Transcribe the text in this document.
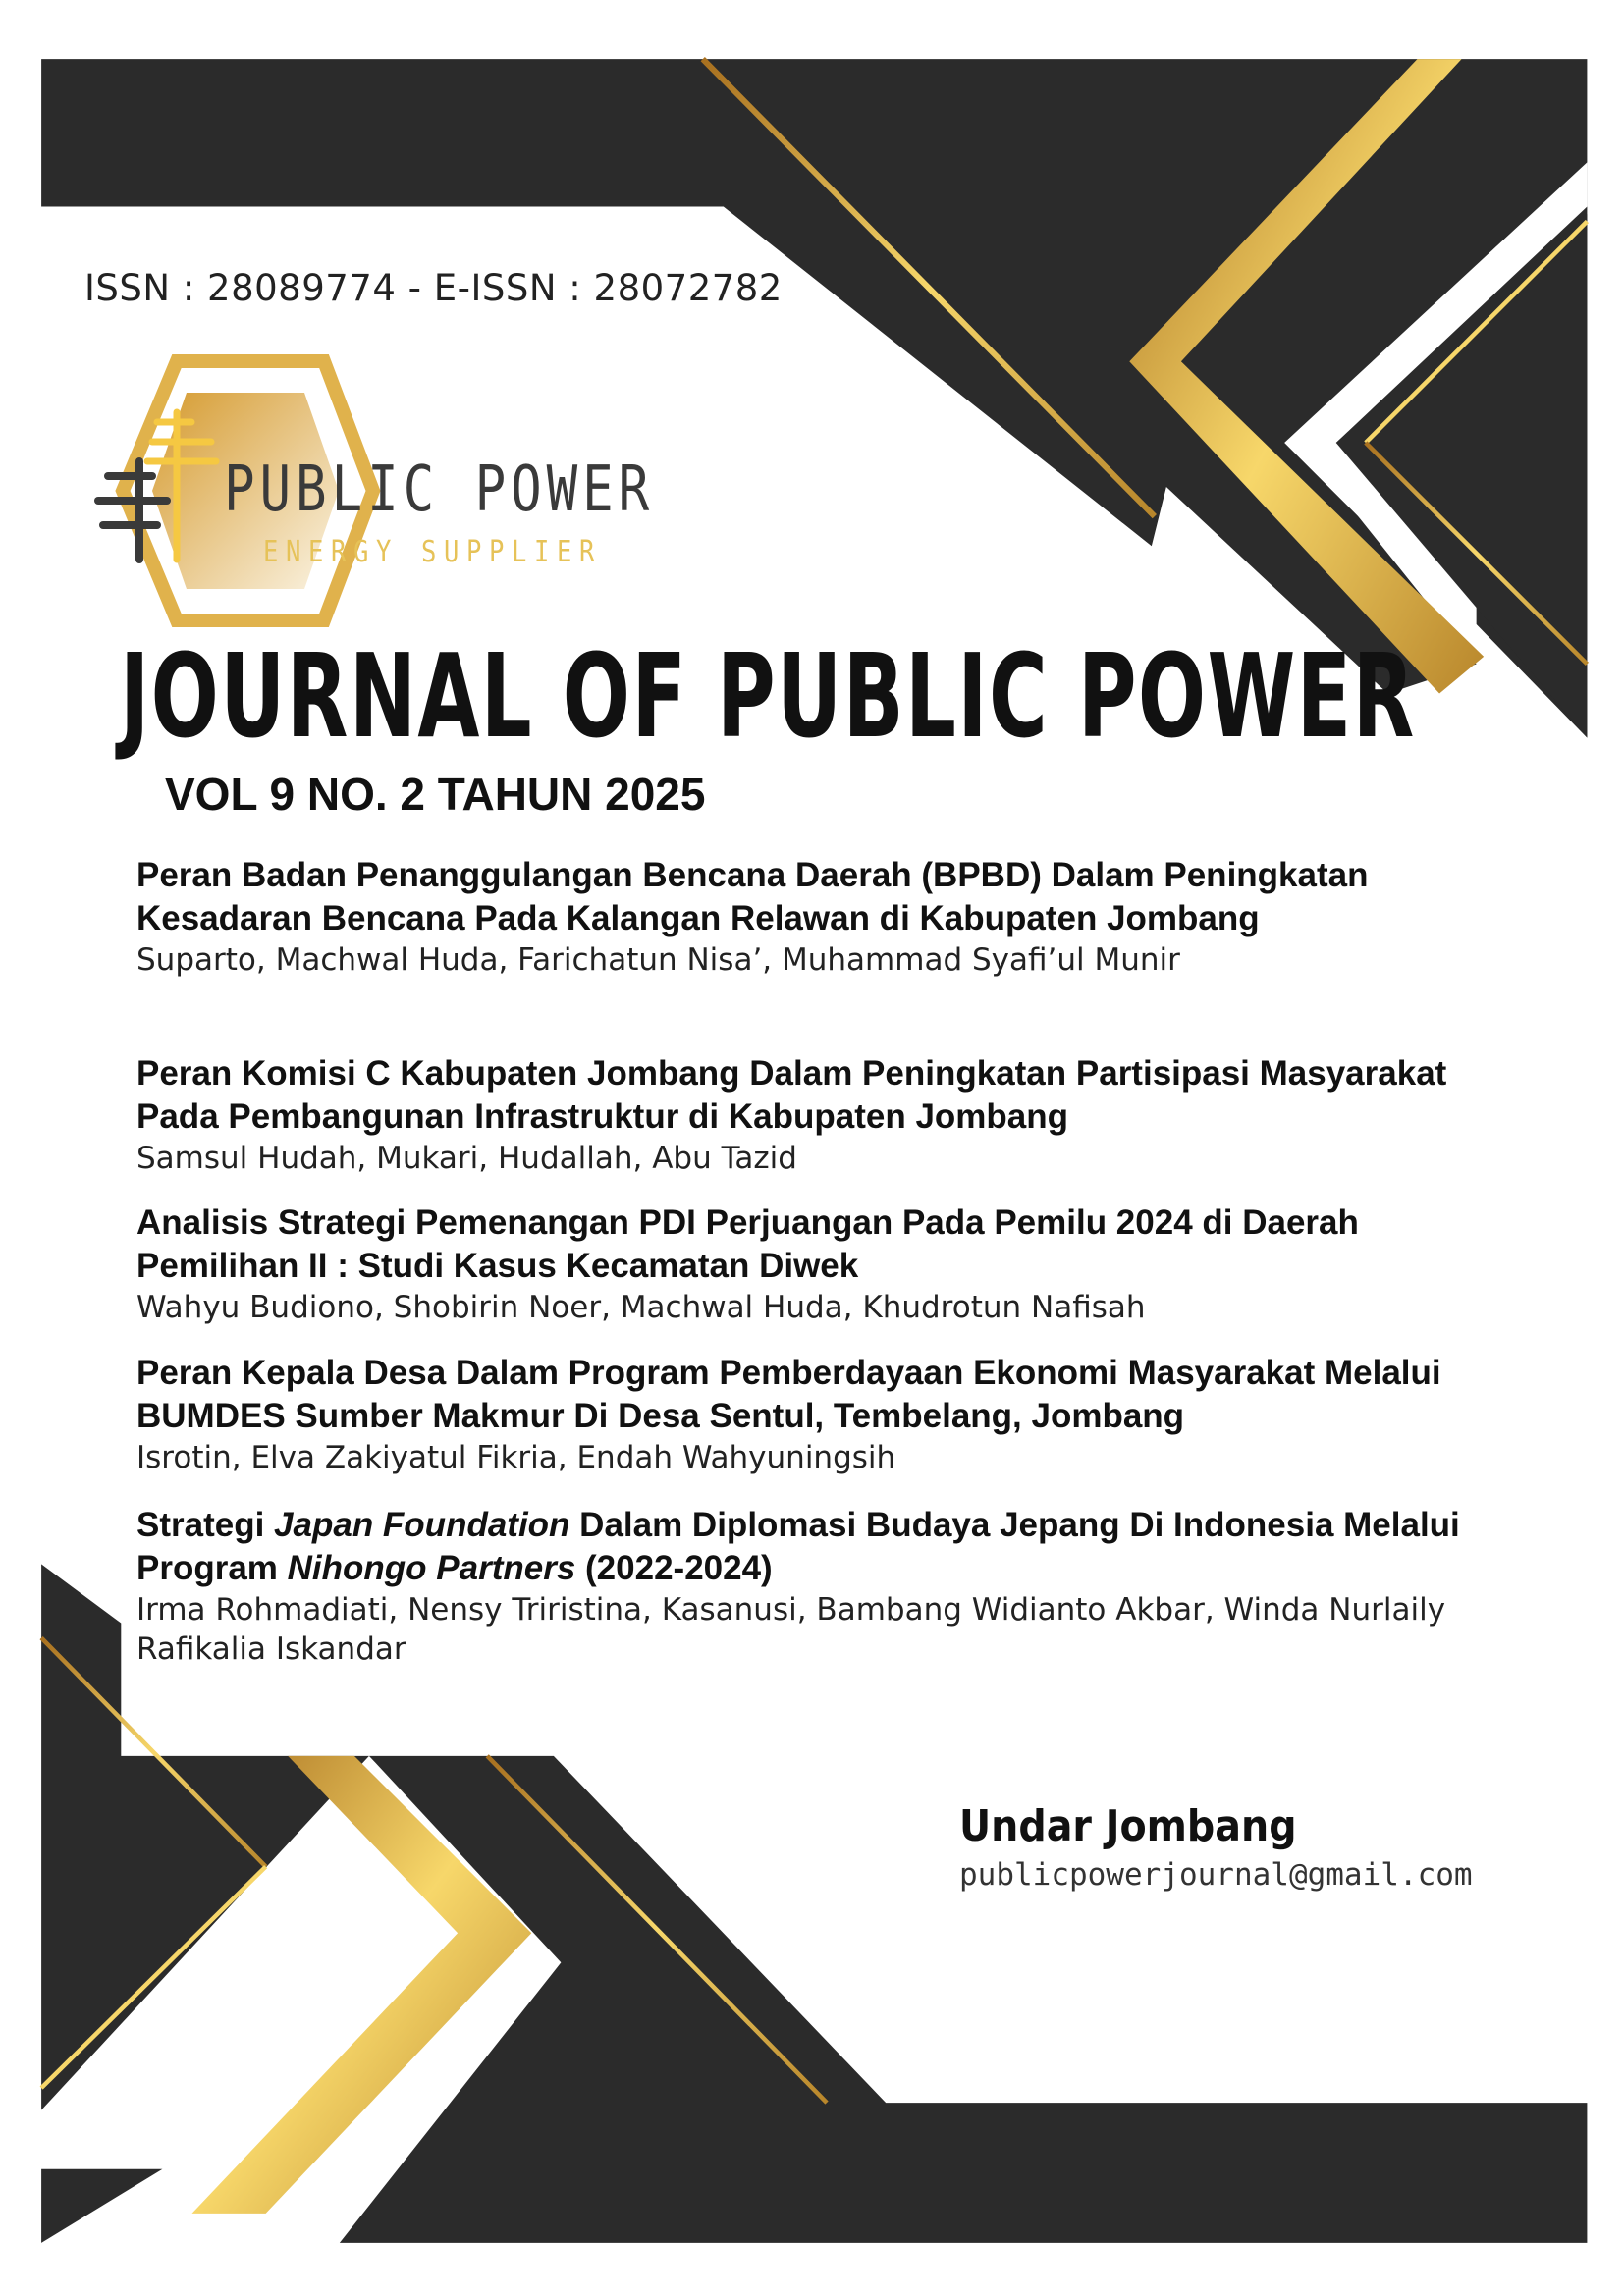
ISSN : 28089774 - E-ISSN : 28072782
PUBLIC POWER
ENERGY SUPPLIER
JOURNAL OF PUBLIC POWER
VOL 9 NO. 2 TAHUN 2025
Peran Badan Penanggulangan Bencana Daerah (BPBD) Dalam Peningkatan Kesadaran Bencana Pada Kalangan Relawan di Kabupaten Jombang
Suparto, Machwal Huda, Farichatun Nisa’, Muhammad Syafi’ul Munir
Peran Komisi C Kabupaten Jombang Dalam Peningkatan Partisipasi Masyarakat Pada Pembangunan Infrastruktur di Kabupaten Jombang
Samsul Hudah, Mukari, Hudallah, Abu Tazid
Analisis Strategi Pemenangan PDI Perjuangan Pada Pemilu 2024 di Daerah Pemilihan II : Studi Kasus Kecamatan Diwek
Wahyu Budiono, Shobirin Noer, Machwal Huda, Khudrotun Nafisah
Peran Kepala Desa Dalam Program Pemberdayaan Ekonomi Masyarakat Melalui BUMDES Sumber Makmur Di Desa Sentul, Tembelang, Jombang
Isrotin, Elva Zakiyatul Fikria, Endah Wahyuningsih
Strategi Japan Foundation Dalam Diplomasi Budaya Jepang Di Indonesia Melalui Program Nihongo Partners (2022-2024)
Irma Rohmadiati, Nensy Triristina, Kasanusi, Bambang Widianto Akbar, Winda Nurlaily Rafikalia Iskandar
Undar Jombang
publicpowerjournal@gmail.com
